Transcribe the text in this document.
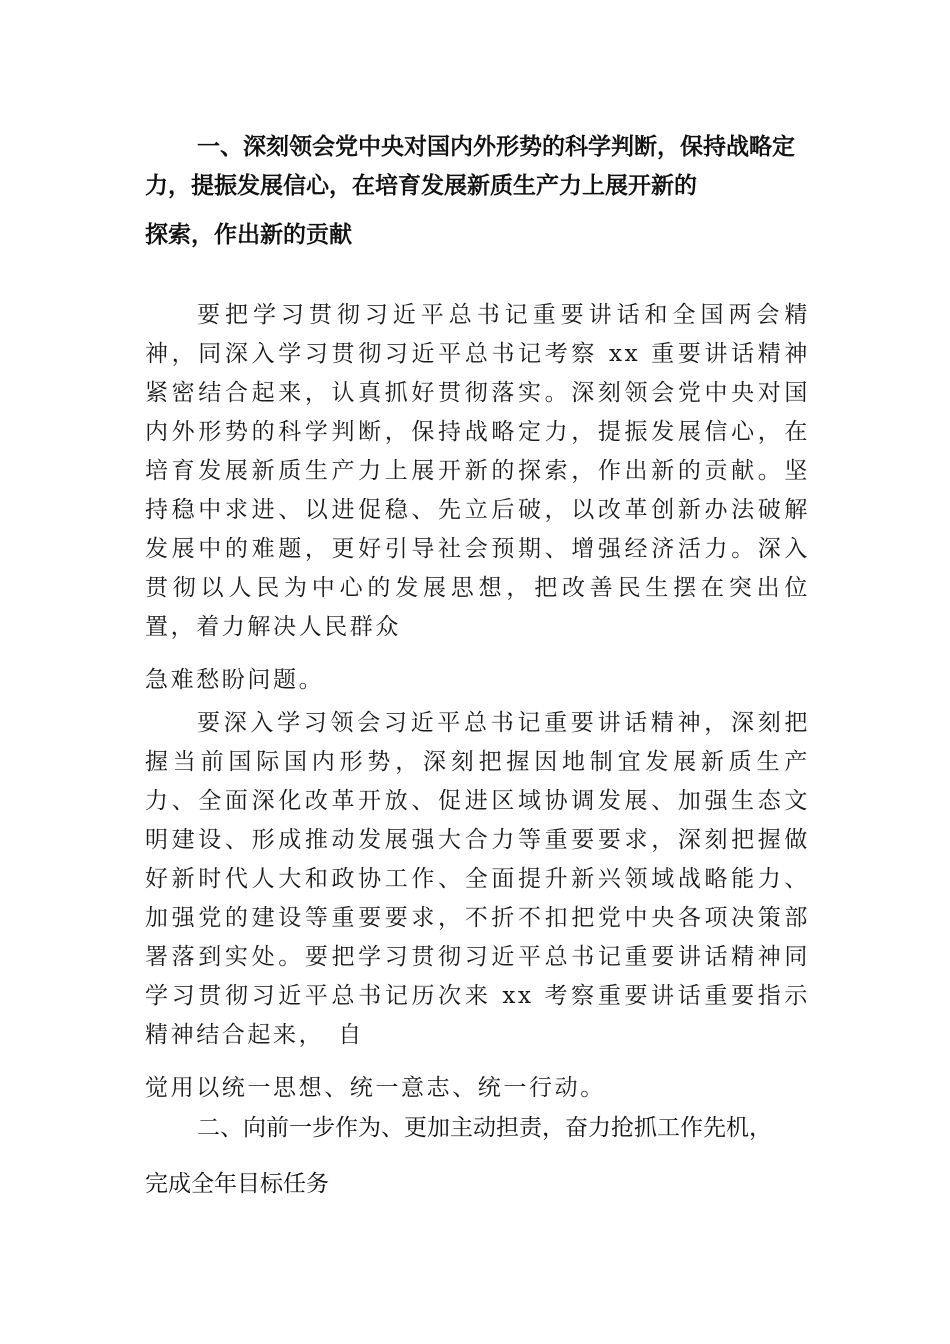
一、深刻领会党中央对国内外形势的科学判断，保持战略定力，提振发展信心，在培育发展新质生产力上展开新的
探索，作出新的贡献

要把学习贯彻习近平总书记重要讲话和全国两会精神，同深入学习贯彻习近平总书记考察 xx 重要讲话精神紧密结合起来，认真抓好贯彻落实。深刻领会党中央对国内外形势的科学判断，保持战略定力，提振发展信心，在培育发展新质生产力上展开新的探索，作出新的贡献。坚持稳中求进、以进促稳、先立后破，以改革创新办法破解发展中的难题，更好引导社会预期、增强经济活力。深入贯彻以人民为中心的发展思想，把改善民生摆在突出位置，着力解决人民群众
急难愁盼问题。

要深入学习领会习近平总书记重要讲话精神，深刻把握当前国际国内形势，深刻把握因地制宜发展新质生产力、全面深化改革开放、促进区域协调发展、加强生态文明建设、形成推动发展强大合力等重要要求，深刻把握做好新时代人大和政协工作、全面提升新兴领域战略能力、加强党的建设等重要要求，不折不扣把党中央各项决策部署落到实处。要把学习贯彻习近平总书记重要讲话精神同学习贯彻习近平总书记历次来 xx 考察重要讲话重要指示精神结合起来，　自
觉用以统一思想、统一意志、统一行动。

二、向前一步作为、更加主动担责，奋力抢抓工作先机，
完成全年目标任务
